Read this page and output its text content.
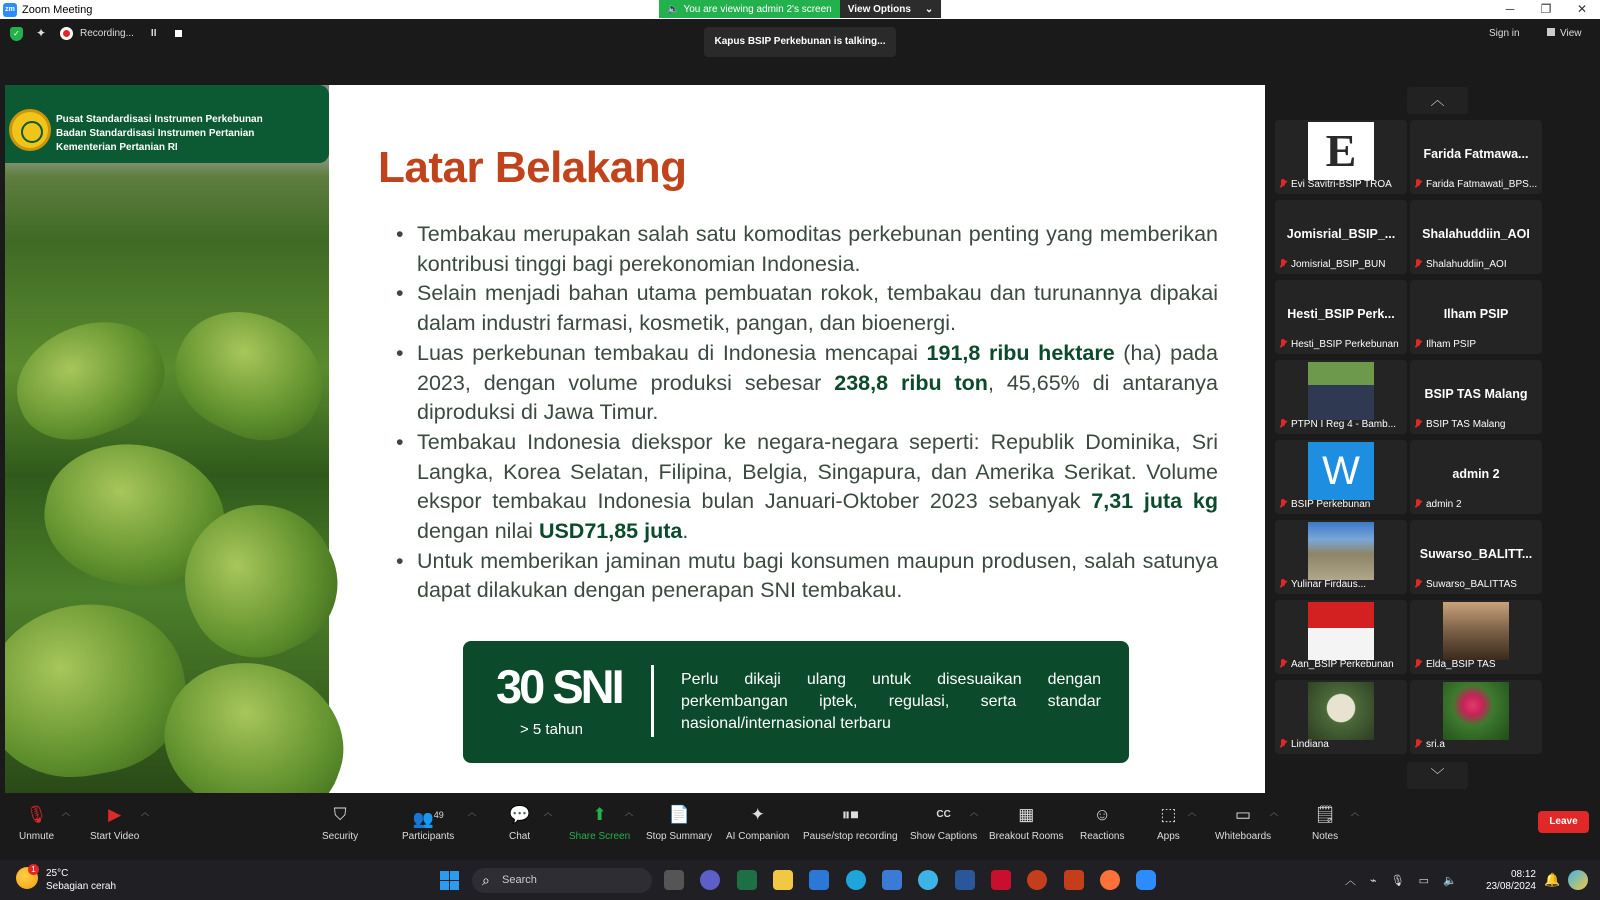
zm Zoom Meeting	🔈 You are viewing admin 2's screen View Options ⌄	─	❐	✕
✓ ✦	Recording... II
Kapus BSIP Perkebunan is talking...
Sign in	View
Pusat Standardisasi Instrumen Perkebunan
Badan Standardisasi Instrumen Pertanian
Kementerian Pertanian RI	Latar Belakang
• Tembakau merupakan salah satu komoditas perkebunan penting yang memberikan kontribusi tinggi bagi perekonomian Indonesia.
• Selain menjadi bahan utama pembuatan rokok, tembakau dan turunannya dipakai dalam industri farmasi, kosmetik, pangan, dan bioenergi.
• Luas perkebunan tembakau di Indonesia mencapai 191,8 ribu hektare (ha) pada 2023, dengan volume produksi sebesar 238,8 ribu ton, 45,65% di antaranya diproduksi di Jawa Timur.
• Tembakau Indonesia diekspor ke negara-negara seperti: Republik Dominika, Sri Langka, Korea Selatan, Filipina, Belgia, Singapura, dan Amerika Serikat. Volume ekspor tembakau Indonesia bulan Januari-Oktober 2023 sebanyak 7,31 juta kg dengan nilai USD71,85 juta.
• Untuk memberikan jaminan mutu bagi konsumen maupun produsen, salah satunya dapat dilakukan dengan penerapan SNI tembakau.
30 SNI
> 5 tahun
Perlu dikaji ulang untuk disesuaikan dengan perkembangan iptek, regulasi, serta standar nasional/internasional terbaru
︿
E
Evi Savitri-BSIP TROA
Farida Fatmawa...
Farida Fatmawati_BPS...
Jomisrial_BSIP_...
Jomisrial_BSIP_BUN
Shalahuddiin_AOI
Shalahuddiin_AOI
Hesti_BSIP Perk...
Hesti_BSIP Perkebunan
Ilham PSIP
Ilham PSIP
PTPN I Reg 4 - Bamb...
BSIP TAS Malang
BSIP TAS Malang
W
BSIP Perkebunan
admin 2
admin 2
Yulinar Firdaus...
Suwarso_BALITT...
Suwarso_BALITTAS
Aan_BSIP Perkebunan	Elda_BSIP TAS
Lindiana	sri.a
﹀
🎙
Unmute
︿	▶
Start Video
︿	⛉
Security
👥$^{49}$
Participants
︿ 💬
Chat
︿	⬆
Share Screen
︿	📄
Stop Summary
✦
AI Companion
⏸⏹
Pause/stop recording
CC
Show Captions
︿	▦
Breakout Rooms
☺
Reactions
⬚
Apps
︿	▭
Whiteboards
︿ 🗒
Notes
︿
Leave
1	25°C
Sebagian cerah
⌕ Search	︿ ⌁ 🎙 ▭ 🔈	08:12
23/08/2024 🔔
